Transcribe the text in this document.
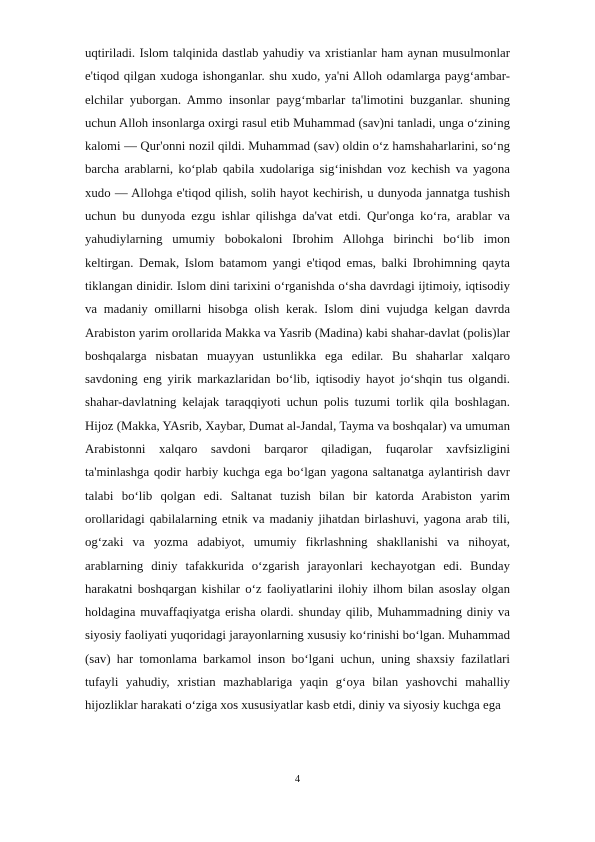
uqtiriladi. Islom talqinida dastlab yahudiy va xristianlar ham aynan musulmonlar e'tiqod qilgan xudoga ishonganlar. shu xudo, ya'ni Alloh odamlarga payg‘ambar-elchilar yuborgan. Ammo insonlar payg‘mbarlar ta'limotini buzganlar. shuning uchun Alloh insonlarga oxirgi rasul etib Muhammad (sav)ni tanladi, unga o‘zining kalomi — Qur'onni nozil qildi. Muhammad (sav) oldin o‘z hamshaharlarini, so‘ng barcha arablarni, ko‘plab qabila xudolariga sig‘inishdan voz kechish va yagona xudo — Allohga e'tiqod qilish, solih hayot kechirish, u dunyoda jannatga tushish uchun bu dunyoda ezgu ishlar qilishga da'vat etdi. Qur'onga ko‘ra, arablar va yahudiylarning umumiy bobokaloni Ibrohim Allohga birinchi bo‘lib imon keltirgan. Demak, Islom batamom yangi e'tiqod emas, balki Ibrohimning qayta tiklangan dinidir. Islom dini tarixini o‘rganishda o‘sha davrdagi ijtimoiy, iqtisodiy va madaniy omillarni hisobga olish kerak. Islom dini vujudga kelgan davrda Arabiston yarim orollarida Makka va Yasrib (Madina) kabi shahar-davlat (polis)lar boshqalarga nisbatan muayyan ustunlikka ega edilar. Bu shaharlar xalqaro savdoning eng yirik markazlaridan bo‘lib, iqtisodiy hayot jo‘shqin tus olgandi. shahar-davlatning kelajak taraqqiyoti uchun polis tuzumi torlik qila boshlagan. Hijoz (Makka, YAsrib, Xaybar, Dumat al-Jandal, Tayma va boshqalar) va umuman Arabistonni xalqaro savdoni barqaror qiladigan, fuqarolar xavfsizligini ta'minlashga qodir harbiy kuchga ega bo‘lgan yagona saltanatga aylantirish davr talabi bo‘lib qolgan edi. Saltanat tuzish bilan bir katorda Arabiston yarim orollaridagi qabilalarning etnik va madaniy jihatdan birlashuvi, yagona arab tili, og‘zaki va yozma adabiyot, umumiy fikrlashning shakllanishi va nihoyat, arablarning diniy tafakkurida o‘zgarish jarayonlari kechayotgan edi. Bunday harakatni boshqargan kishilar o‘z faoliyatlarini ilohiy ilhom bilan asoslay olgan holdagina muvaffaqiyatga erisha olardi. shunday qilib, Muhammadning diniy va siyosiy faoliyati yuqoridagi jarayonlarning xususiy ko‘rinishi bo‘lgan. Muhammad (sav) har tomonlama barkamol inson bo‘lgani uchun, uning shaxsiy fazilatlari tufayli yahudiy, xristian mazhablariga yaqin g‘oya bilan yashovchi mahalliy hijozliklar harakati o‘ziga xos xususiyatlar kasb etdi, diniy va siyosiy kuchga ega

4
